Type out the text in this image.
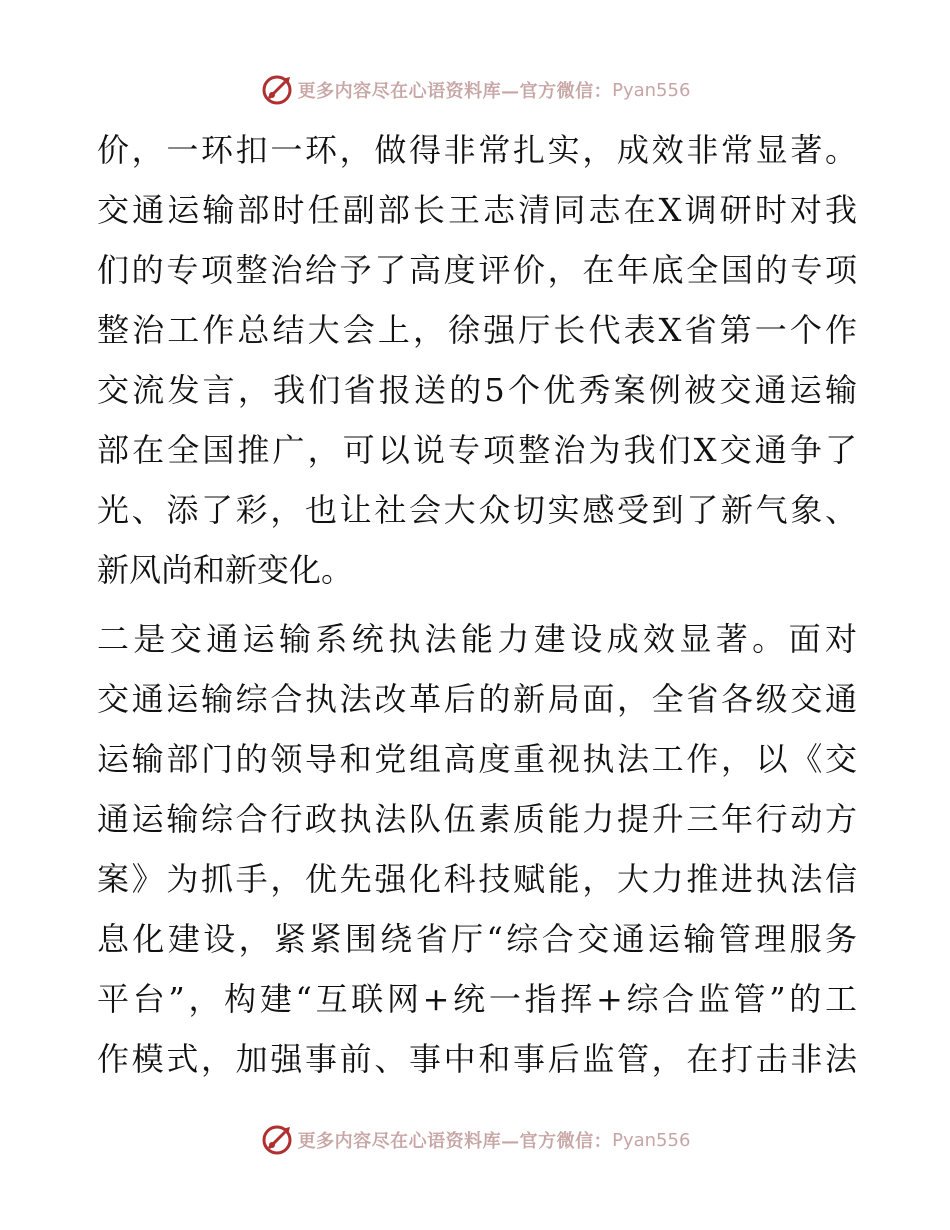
更多内容尽在心语资料库—官方微信： Pyan556
价，一环扣一环，做得非常扎实，成效非常显著。
交通运输部时任副部长王志清同志在X调研时对我
们的专项整治给予了高度评价，在年底全国的专项
整治工作总结大会上，徐强厅长代表X省第一个作
交流发言，我们省报送的5个优秀案例被交通运输
部在全国推广，可以说专项整治为我们X交通争了
光、添了彩，也让社会大众切实感受到了新气象、
新风尚和新变化。
二是交通运输系统执法能力建设成效显著。面对
交通运输综合执法改革后的新局面，全省各级交通
运输部门的领导和党组高度重视执法工作，以《交
通运输综合行政执法队伍素质能力提升三年行动方
案》为抓手，优先强化科技赋能，大力推进执法信
息化建设，紧紧围绕省厅“综合交通运输管理服务
平台”，构建“互联网+统一指挥+综合监管”的工
作模式，加强事前、事中和事后监管，在打击非法
更多内容尽在心语资料库—官方微信： Pyan556
